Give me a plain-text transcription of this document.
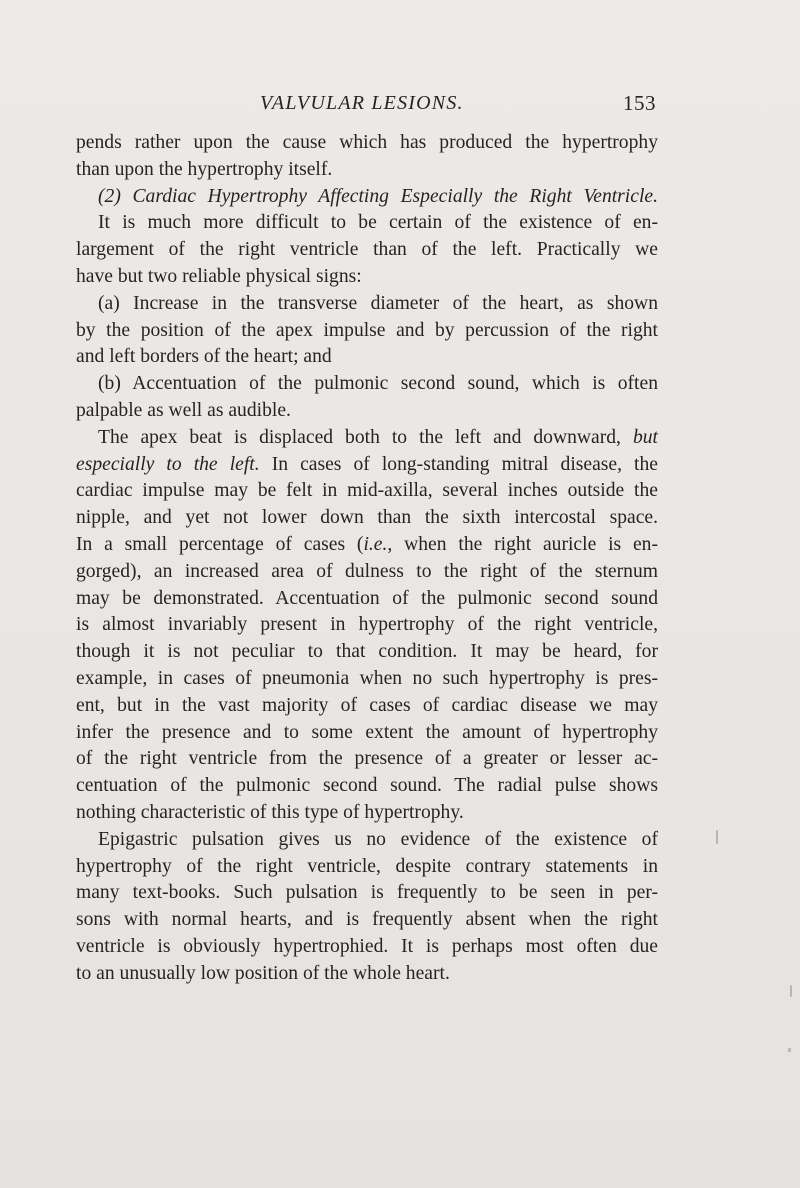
VALVULAR LESIONS.	153
pends rather upon the cause which has produced the hypertrophy
than upon the hypertrophy itself.
(2) Cardiac Hypertrophy Affecting Especially the Right Ventricle.
It is much more difficult to be certain of the existence of en-
largement of the right ventricle than of the left. Practically we
have but two reliable physical signs:
(a) Increase in the transverse diameter of the heart, as shown
by the position of the apex impulse and by percussion of the right
and left borders of the heart; and
(b) Accentuation of the pulmonic second sound, which is often
palpable as well as audible.
The apex beat is displaced both to the left and downward, but
especially to the left. In cases of long-standing mitral disease, the
cardiac impulse may be felt in mid-axilla, several inches outside the
nipple, and yet not lower down than the sixth intercostal space.
In a small percentage of cases (i.e., when the right auricle is en-
gorged), an increased area of dulness to the right of the sternum
may be demonstrated. Accentuation of the pulmonic second sound
is almost invariably present in hypertrophy of the right ventricle,
though it is not peculiar to that condition. It may be heard, for
example, in cases of pneumonia when no such hypertrophy is pres-
ent, but in the vast majority of cases of cardiac disease we may
infer the presence and to some extent the amount of hypertrophy
of the right ventricle from the presence of a greater or lesser ac-
centuation of the pulmonic second sound. The radial pulse shows
nothing characteristic of this type of hypertrophy.
Epigastric pulsation gives us no evidence of the existence of
hypertrophy of the right ventricle, despite contrary statements in
many text-books. Such pulsation is frequently to be seen in per-
sons with normal hearts, and is frequently absent when the right
ventricle is obviously hypertrophied. It is perhaps most often due
to an unusually low position of the whole heart.
